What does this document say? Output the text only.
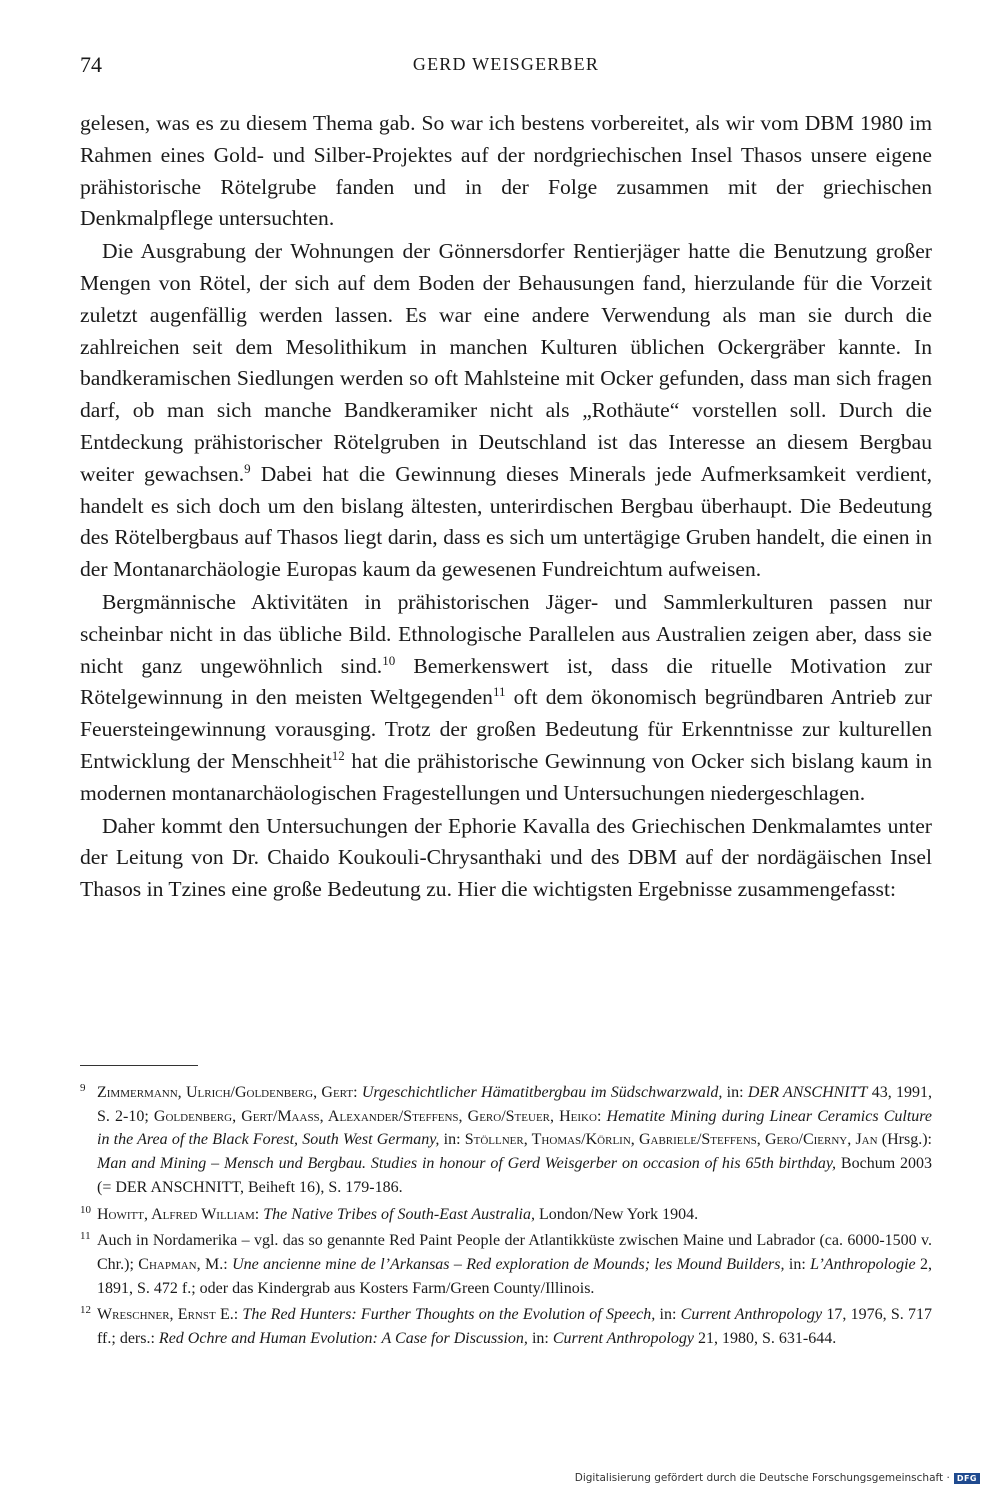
74	GERD WEISGERBER

gelesen, was es zu diesem Thema gab. So war ich bestens vorbereitet, als wir vom DBM 1980 im Rahmen eines Gold- und Silber-Projektes auf der nordgriechischen Insel Thasos unsere eigene prähistorische Rötelgrube fanden und in der Folge zusammen mit der griechischen Denkmalpflege untersuchten.

Die Ausgrabung der Wohnungen der Gönnersdorfer Rentierjäger hatte die Benutzung großer Mengen von Rötel, der sich auf dem Boden der Behausungen fand, hierzulande für die Vorzeit zuletzt augenfällig werden lassen. Es war eine andere Verwendung als man sie durch die zahlreichen seit dem Mesolithikum in manchen Kulturen üblichen Ockergräber kannte. In bandkeramischen Siedlungen werden so oft Mahlsteine mit Ocker gefunden, dass man sich fragen darf, ob man sich manche Bandkeramiker nicht als „Rothäute“ vorstellen soll. Durch die Entdeckung prähistorischer Rötelgruben in Deutschland ist das Interesse an diesem Bergbau weiter gewachsen.$^9$ Dabei hat die Gewinnung dieses Minerals jede Aufmerksamkeit verdient, handelt es sich doch um den bislang ältesten, unterirdischen Bergbau überhaupt. Die Bedeutung des Rötelbergbaus auf Thasos liegt darin, dass es sich um untertägige Gruben handelt, die einen in der Montanarchäologie Europas kaum da gewesenen Fundreichtum aufweisen.

Bergmännische Aktivitäten in prähistorischen Jäger- und Sammlerkulturen passen nur scheinbar nicht in das übliche Bild. Ethnologische Parallelen aus Australien zeigen aber, dass sie nicht ganz ungewöhnlich sind.$^{10}$ Bemerkenswert ist, dass die rituelle Motivation zur Rötelgewinnung in den meisten Weltgegenden$^{11}$ oft dem ökonomisch begründbaren Antrieb zur Feuersteingewinnung vorausging. Trotz der großen Bedeutung für Erkenntnisse zur kulturellen Entwicklung der Menschheit$^{12}$ hat die prähistorische Gewinnung von Ocker sich bislang kaum in modernen montanarchäologischen Fragestellungen und Untersuchungen niedergeschlagen.

Daher kommt den Untersuchungen der Ephorie Kavalla des Griechischen Denkmalamtes unter der Leitung von Dr. Chaido Koukouli-Chrysanthaki und des DBM auf der nordägäischen Insel Thasos in Tzines eine große Bedeutung zu. Hier die wichtigsten Ergebnisse zusammengefasst:

9 Zimmermann, Ulrich/Goldenberg, Gert: Urgeschichtlicher Hämatitbergbau im Südschwarzwald, in: DER ANSCHNITT 43, 1991, S. 2-10; Goldenberg, Gert/Maass, Alexander/Steffens, Gero/Steuer, Heiko: Hematite Mining during Linear Ceramics Culture in the Area of the Black Forest, South West Germany, in: Stöllner, Thomas/Körlin, Gabriele/Steffens, Gero/Cierny, Jan (Hrsg.): Man and Mining – Mensch und Bergbau. Studies in honour of Gerd Weisgerber on occasion of his 65th birthday, Bochum 2003 (= DER ANSCHNITT, Beiheft 16), S. 179-186.
10 Howitt, Alfred William: The Native Tribes of South-East Australia, London/New York 1904.
11 Auch in Nordamerika – vgl. das so genannte Red Paint People der Atlantikküste zwischen Maine und Labrador (ca. 6000-1500 v. Chr.); Chapman, M.: Une ancienne mine de l’Arkansas – Red exploration de Mounds; les Mound Builders, in: L’Anthropologie 2, 1891, S. 472 f.; oder das Kindergrab aus Kosters Farm/Green County/Illinois.
12 Wreschner, Ernst E.: The Red Hunters: Further Thoughts on the Evolution of Speech, in: Current Anthropology 17, 1976, S. 717 ff.; ders.: Red Ochre and Human Evolution: A Case for Discussion, in: Current Anthropology 21, 1980, S. 631-644.
Digitalisierung gefördert durch die Deutsche Forschungsgemeinschaft · DFG
